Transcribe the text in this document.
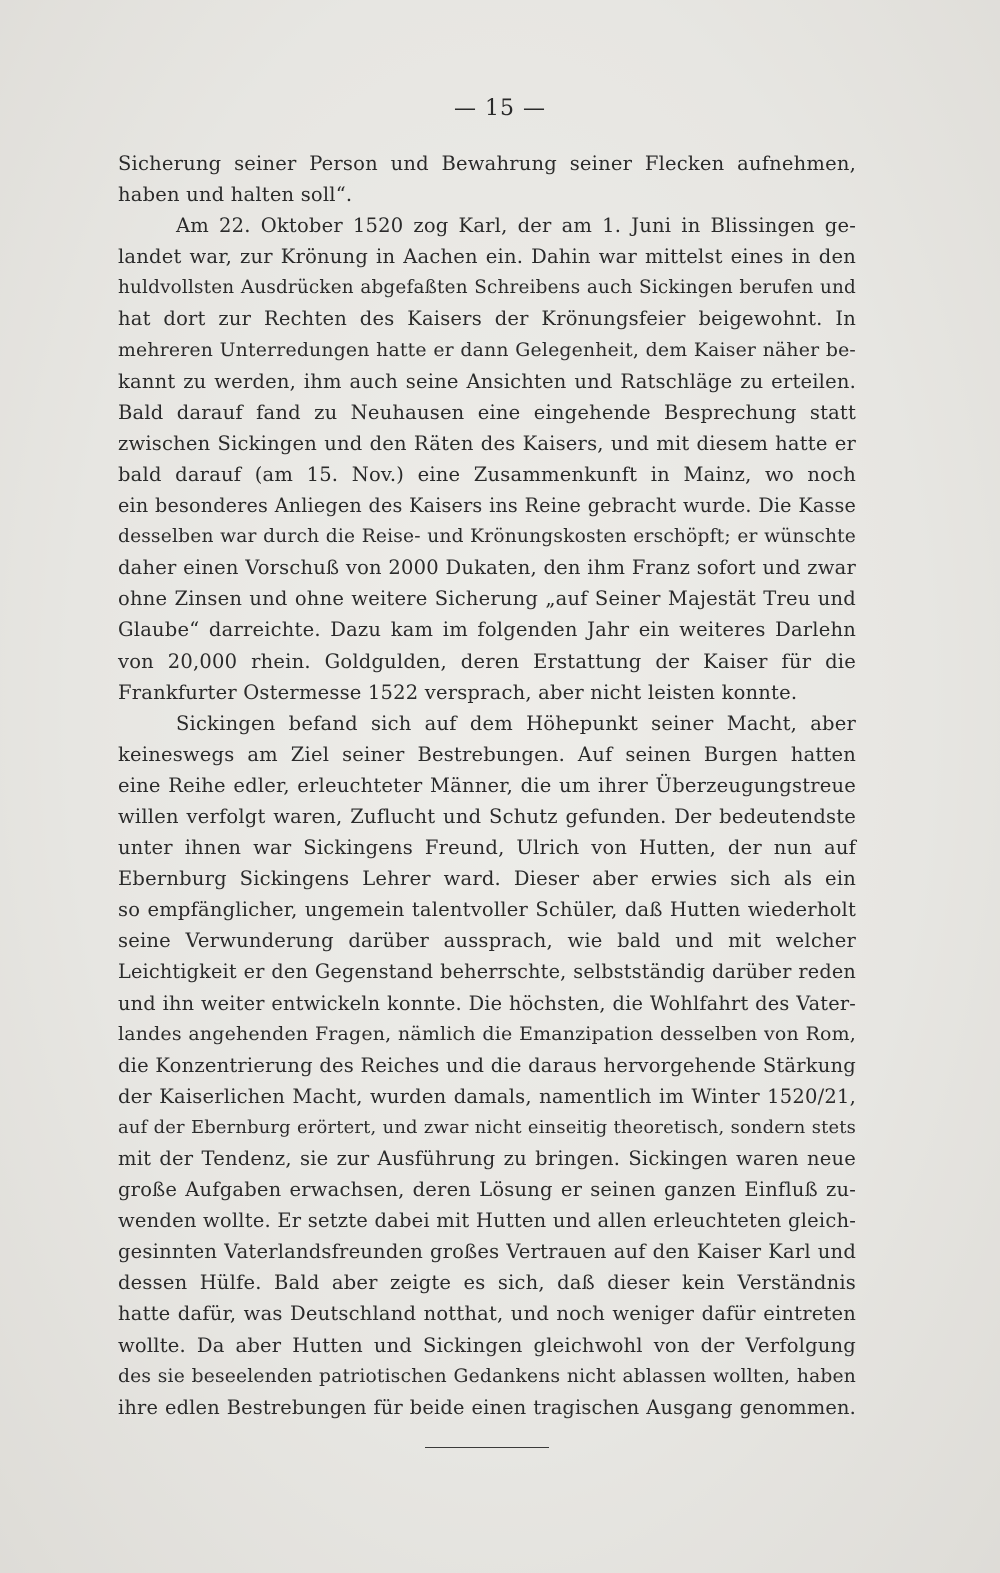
— 15 —
Sicherung seiner Person und Bewahrung seiner Flecken aufnehmen,
haben und halten soll“.
Am 22. Oktober 1520 zog Karl, der am 1. Juni in Blissingen ge-
landet war, zur Krönung in Aachen ein. Dahin war mittelst eines in den
huldvollsten Ausdrücken abgefaßten Schreibens auch Sickingen berufen und
hat dort zur Rechten des Kaisers der Krönungsfeier beigewohnt. In
mehreren Unterredungen hatte er dann Gelegenheit, dem Kaiser näher be-
kannt zu werden, ihm auch seine Ansichten und Ratschläge zu erteilen.
Bald darauf fand zu Neuhausen eine eingehende Besprechung statt
zwischen Sickingen und den Räten des Kaisers, und mit diesem hatte er
bald darauf (am 15. Nov.) eine Zusammenkunft in Mainz, wo noch
ein besonderes Anliegen des Kaisers ins Reine gebracht wurde. Die Kasse
desselben war durch die Reise- und Krönungskosten erschöpft; er wünschte
daher einen Vorschuß von 2000 Dukaten, den ihm Franz sofort und zwar
ohne Zinsen und ohne weitere Sicherung „auf Seiner Majestät Treu und
Glaube“ darreichte. Dazu kam im folgenden Jahr ein weiteres Darlehn
von 20,000 rhein. Goldgulden, deren Erstattung der Kaiser für die
Frankfurter Ostermesse 1522 versprach, aber nicht leisten konnte.
Sickingen befand sich auf dem Höhepunkt seiner Macht, aber
keineswegs am Ziel seiner Bestrebungen. Auf seinen Burgen hatten
eine Reihe edler, erleuchteter Männer, die um ihrer Überzeugungstreue
willen verfolgt waren, Zuflucht und Schutz gefunden. Der bedeutendste
unter ihnen war Sickingens Freund, Ulrich von Hutten, der nun auf
Ebernburg Sickingens Lehrer ward. Dieser aber erwies sich als ein
so empfänglicher, ungemein talentvoller Schüler, daß Hutten wiederholt
seine Verwunderung darüber aussprach, wie bald und mit welcher
Leichtigkeit er den Gegenstand beherrschte, selbstständig darüber reden
und ihn weiter entwickeln konnte. Die höchsten, die Wohlfahrt des Vater-
landes angehenden Fragen, nämlich die Emanzipation desselben von Rom,
die Konzentrierung des Reiches und die daraus hervorgehende Stärkung
der Kaiserlichen Macht, wurden damals, namentlich im Winter 1520/21,
auf der Ebernburg erörtert, und zwar nicht einseitig theoretisch, sondern stets
mit der Tendenz, sie zur Ausführung zu bringen. Sickingen waren neue
große Aufgaben erwachsen, deren Lösung er seinen ganzen Einfluß zu-
wenden wollte. Er setzte dabei mit Hutten und allen erleuchteten gleich-
gesinnten Vaterlandsfreunden großes Vertrauen auf den Kaiser Karl und
dessen Hülfe. Bald aber zeigte es sich, daß dieser kein Verständnis
hatte dafür, was Deutschland notthat, und noch weniger dafür eintreten
wollte. Da aber Hutten und Sickingen gleichwohl von der Verfolgung
des sie beseelenden patriotischen Gedankens nicht ablassen wollten, haben
ihre edlen Bestrebungen für beide einen tragischen Ausgang genommen.
